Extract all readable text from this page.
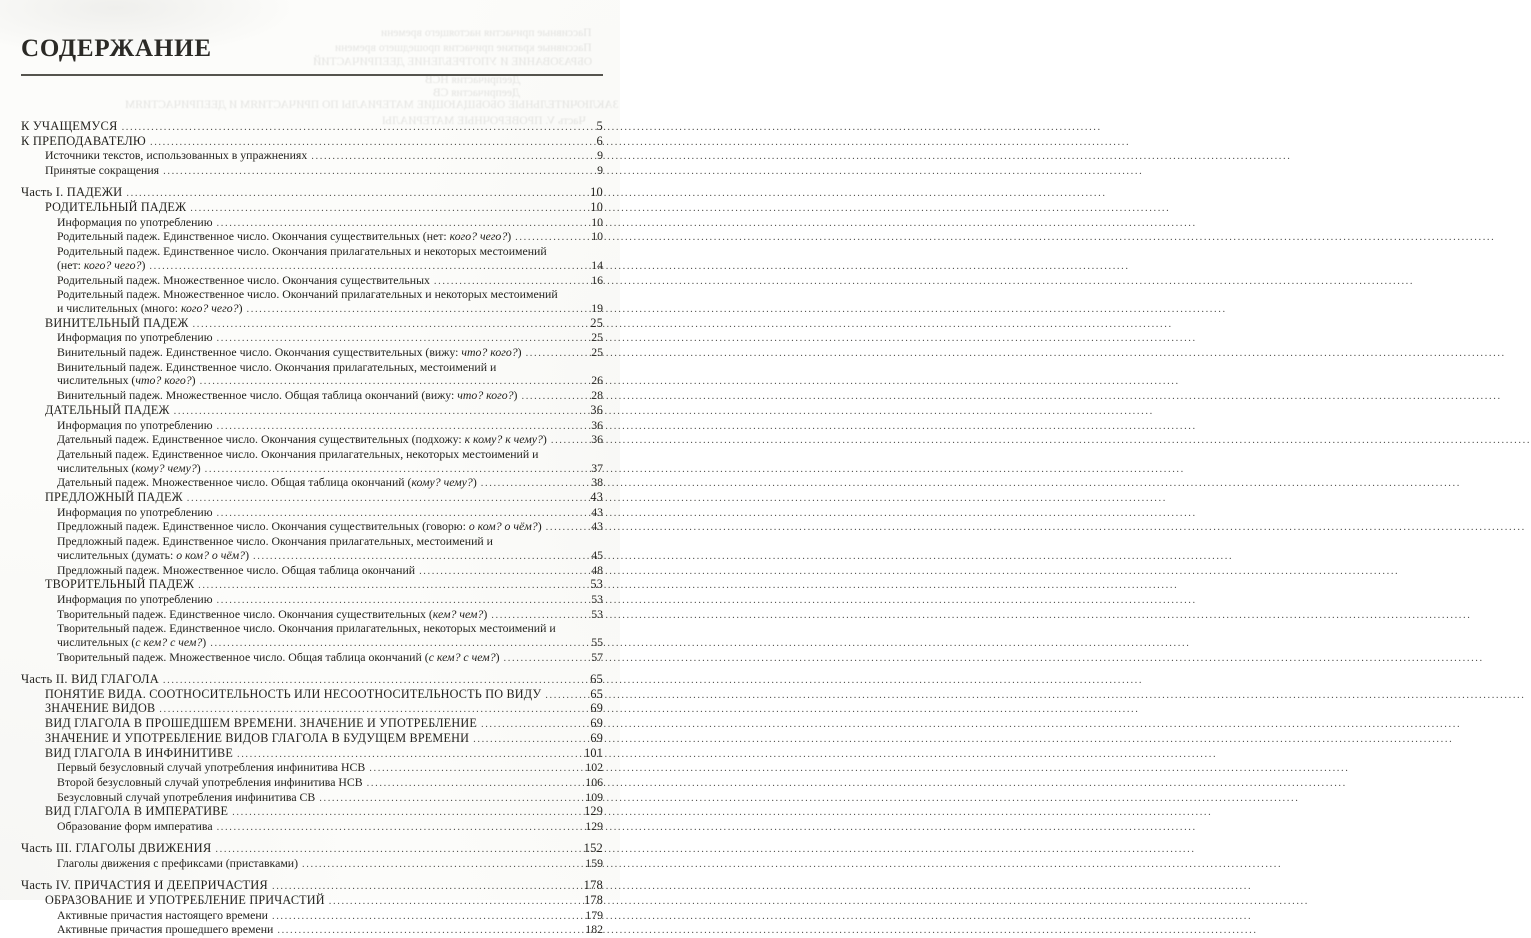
Пассивные причастия настоящего времени
Пассивные краткие причастия прошедшего времени
ОБРАЗОВАНИЕ И УПОТРЕБЛЕНИЕ ДЕЕПРИЧАСТИЙ
Деепричастия НСВ
Деепричастия СВ
ЗАКЛЮЧИТЕЛЬНЫЕ ОБОБЩАЮЩИЕ МАТЕРИАЛЫ ПО ПРИЧАСТИЯМ И ДЕЕПРИЧАСТИЯМ
Часть V. ПРОВЕРОЧНЫЕ МАТЕРИАЛЫ
СОДЕРЖАНИЕ
К УЧАЩЕМУСЯ .....	5
К ПРЕПОДАВАТЕЛЮ .....	6
Источники текстов, использованных в упражнениях .....	9
Принятые сокращения .....	9
Часть I. ПАДЕЖИ .....	10
РОДИТЕЛЬНЫЙ ПАДЕЖ .....	10
Информация по употреблению .....	10
Родительный падеж. Единственное число. Окончания существительных (нет: кого? чего?) .....	10
Родительный падеж. Единственное число. Окончания прилагательных и некоторых местоимений
(нет: кого? чего?) .....	14
Родительный падеж. Множественное число. Окончания существительных .....	16
Родительный падеж. Множественное число. Окончаний прилагательных и некоторых местоимений
и числительных (много: кого? чего?) .....	19
ВИНИТЕЛЬНЫЙ ПАДЕЖ .....	25
Информация по употреблению .....	25
Винительный падеж. Единственное число. Окончания существительных (вижу: что? кого?) .....	25
Винительный падеж. Единственное число. Окончания прилагательных, местоимений и
числительных (что? кого?) .....	26
Винительный падеж. Множественное число. Общая таблица окончаний (вижу: что? кого?) .....	28
ДАТЕЛЬНЫЙ ПАДЕЖ .....	36
Информация по употреблению .....	36
Дательный падеж. Единственное число. Окончания существительных (подхожу: к кому? к чему?) .....	36
Дательный падеж. Единственное число. Окончания прилагательных, некоторых местоимений и
числительных (кому? чему?) .....	37
Дательный падеж. Множественное число. Общая таблица окончаний (кому? чему?) .....	38
ПРЕДЛОЖНЫЙ ПАДЕЖ .....	43
Информация по употреблению .....	43
Предложный падеж. Единственное число. Окончания существительных (говорю: о ком? о чём?) .....	43
Предложный падеж. Единственное число. Окончания прилагательных, местоимений и
числительных (думать: о ком? о чём?) .....	45
Предложный падеж. Множественное число. Общая таблица окончаний .....	48
ТВОРИТЕЛЬНЫЙ ПАДЕЖ .....	53
Информация по употреблению .....	53
Творительный падеж. Единственное число. Окончания существительных (кем? чем?) .....	53
Творительный падеж. Единственное число. Окончания прилагательных, некоторых местоимений и
числительных (с кем? с чем?) .....	55
Творительный падеж. Множественное число. Общая таблица окончаний (с кем? с чем?) .....	57
Часть II. ВИД ГЛАГОЛА .....	65
ПОНЯТИЕ ВИДА. СООТНОСИТЕЛЬНОСТЬ ИЛИ НЕСООТНОСИТЕЛЬНОСТЬ ПО ВИДУ .....	65
ЗНАЧЕНИЕ ВИДОВ .....	69
ВИД ГЛАГОЛА В ПРОШЕДШЕМ ВРЕМЕНИ. ЗНАЧЕНИЕ И УПОТРЕБЛЕНИЕ .....	69
ЗНАЧЕНИЕ И УПОТРЕБЛЕНИЕ ВИДОВ ГЛАГОЛА В БУДУЩЕМ ВРЕМЕНИ .....	69
ВИД ГЛАГОЛА В ИНФИНИТИВЕ .....	101
Первый безусловный случай употребления инфинитива НСВ .....	102
Второй безусловный случай употребления инфинитива НСВ .....	106
Безусловный случай употребления инфинитива СВ .....	109
ВИД ГЛАГОЛА В ИМПЕРАТИВЕ .....	129
Образование форм императива .....	129
Часть III. ГЛАГОЛЫ ДВИЖЕНИЯ .....	152
Глаголы движения с префиксами (приставками) .....	159
Часть IV. ПРИЧАСТИЯ И ДЕЕПРИЧАСТИЯ .....	178
ОБРАЗОВАНИЕ И УПОТРЕБЛЕНИЕ ПРИЧАСТИЙ .....	178
Активные причастия настоящего времени .....	179
Активные причастия прошедшего времени .....	182
